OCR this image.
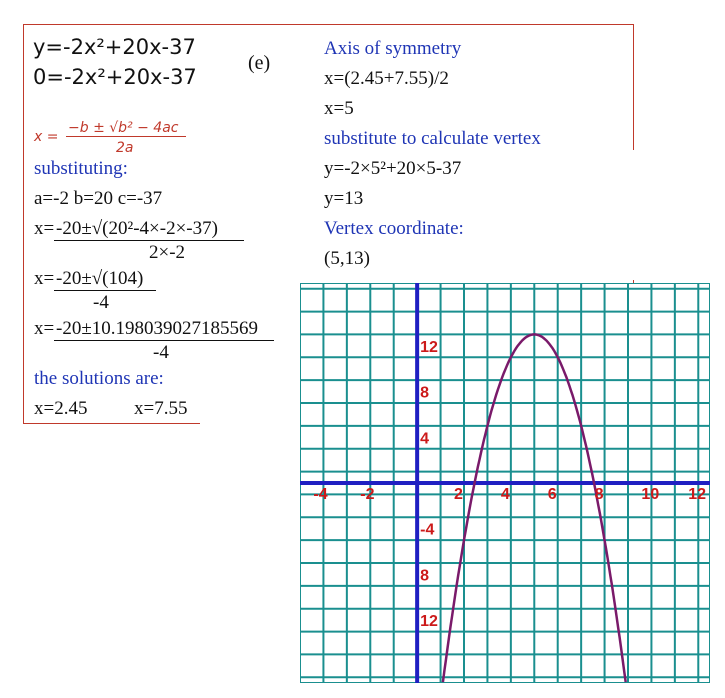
y=-2x²+20x-37
0=-2x²+20x-37
(e)
x =
−b ± √b² − 4ac
2a
substituting:
a=-2 b=20 c=-37
x= -20±√(20²-4×-2×-37)
2×-2
x= -20±√(104)
-4
x= -20±10.198039027185569
-4
the solutions are:
x=2.45 x=7.55
Axis of symmetry
x=(2.45+7.55)/2
x=5
substitute to calculate vertex
y=-2×5²+20×5-37
y=13
Vertex coordinate:
(5,13)
-4 -2	2 4 6 8 10 12
12
8
4
-4
8
12
